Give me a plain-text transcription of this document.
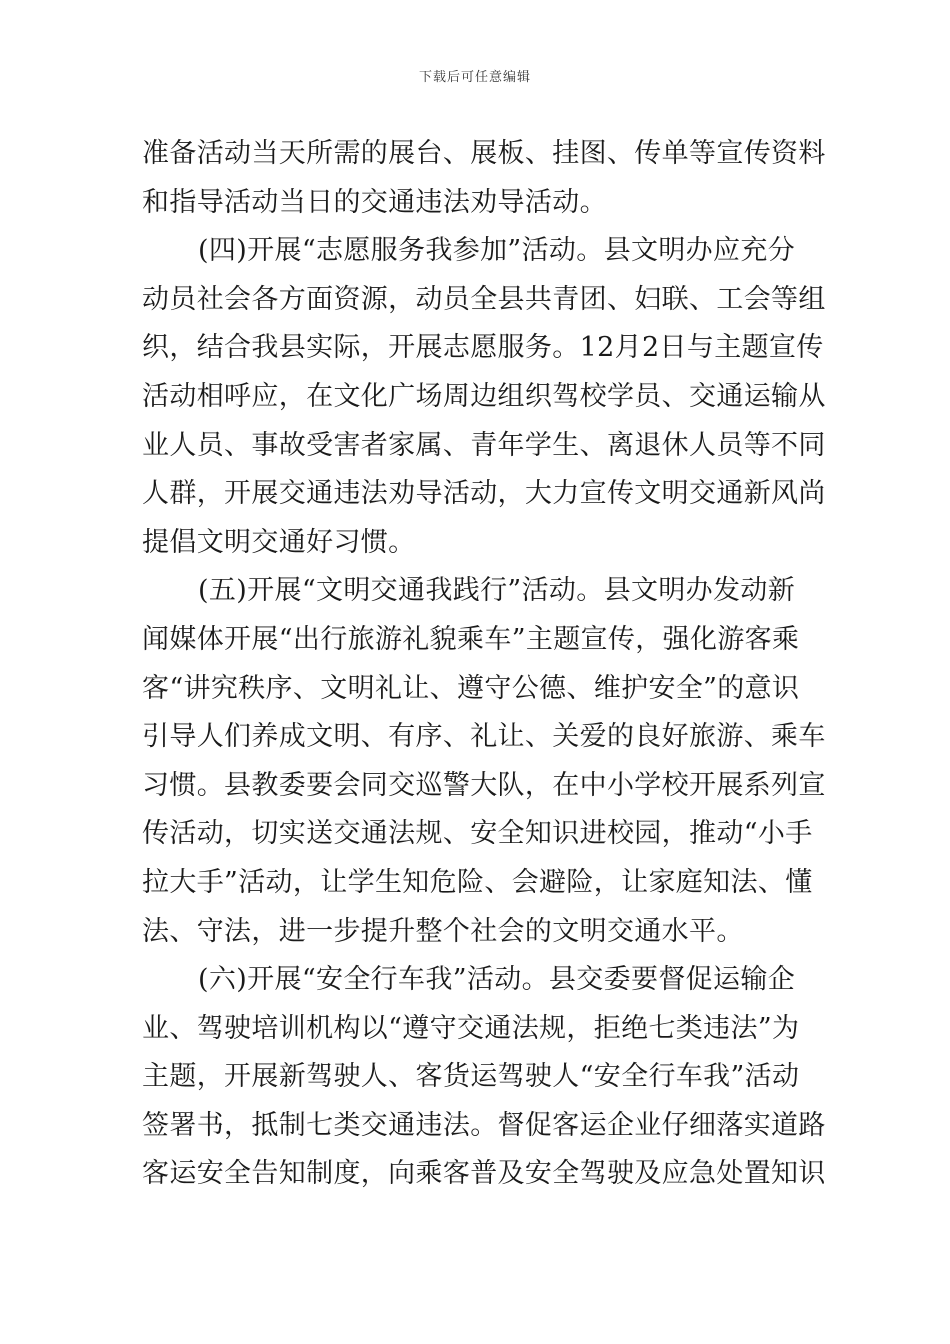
下载后可任意编辑
准备活动当天所需的展台、展板、挂图、传单等宣传资料
和指导活动当日的交通违法劝导活动。
(四)开展“志愿服务我参加”活动。县文明办应充分
动员社会各方面资源，动员全县共青团、妇联、工会等组
织，结合我县实际，开展志愿服务。12月2日与主题宣传
活动相呼应，在文化广场周边组织驾校学员、交通运输从
业人员、事故受害者家属、青年学生、离退休人员等不同
人群，开展交通违法劝导活动，大力宣传文明交通新风尚
提倡文明交通好习惯。
(五)开展“文明交通我践行”活动。县文明办发动新
闻媒体开展“出行旅游礼貌乘车”主题宣传，强化游客乘
客“讲究秩序、文明礼让、遵守公德、维护安全”的意识
引导人们养成文明、有序、礼让、关爱的良好旅游、乘车
习惯。县教委要会同交巡警大队，在中小学校开展系列宣
传活动，切实送交通法规、安全知识进校园，推动“小手
拉大手”活动，让学生知危险、会避险，让家庭知法、懂
法、守法，进一步提升整个社会的文明交通水平。
(六)开展“安全行车我”活动。县交委要督促运输企
业、驾驶培训机构以“遵守交通法规，拒绝七类违法”为
主题，开展新驾驶人、客货运驾驶人“安全行车我”活动
签署书，抵制七类交通违法。督促客运企业仔细落实道路
客运安全告知制度，向乘客普及安全驾驶及应急处置知识
